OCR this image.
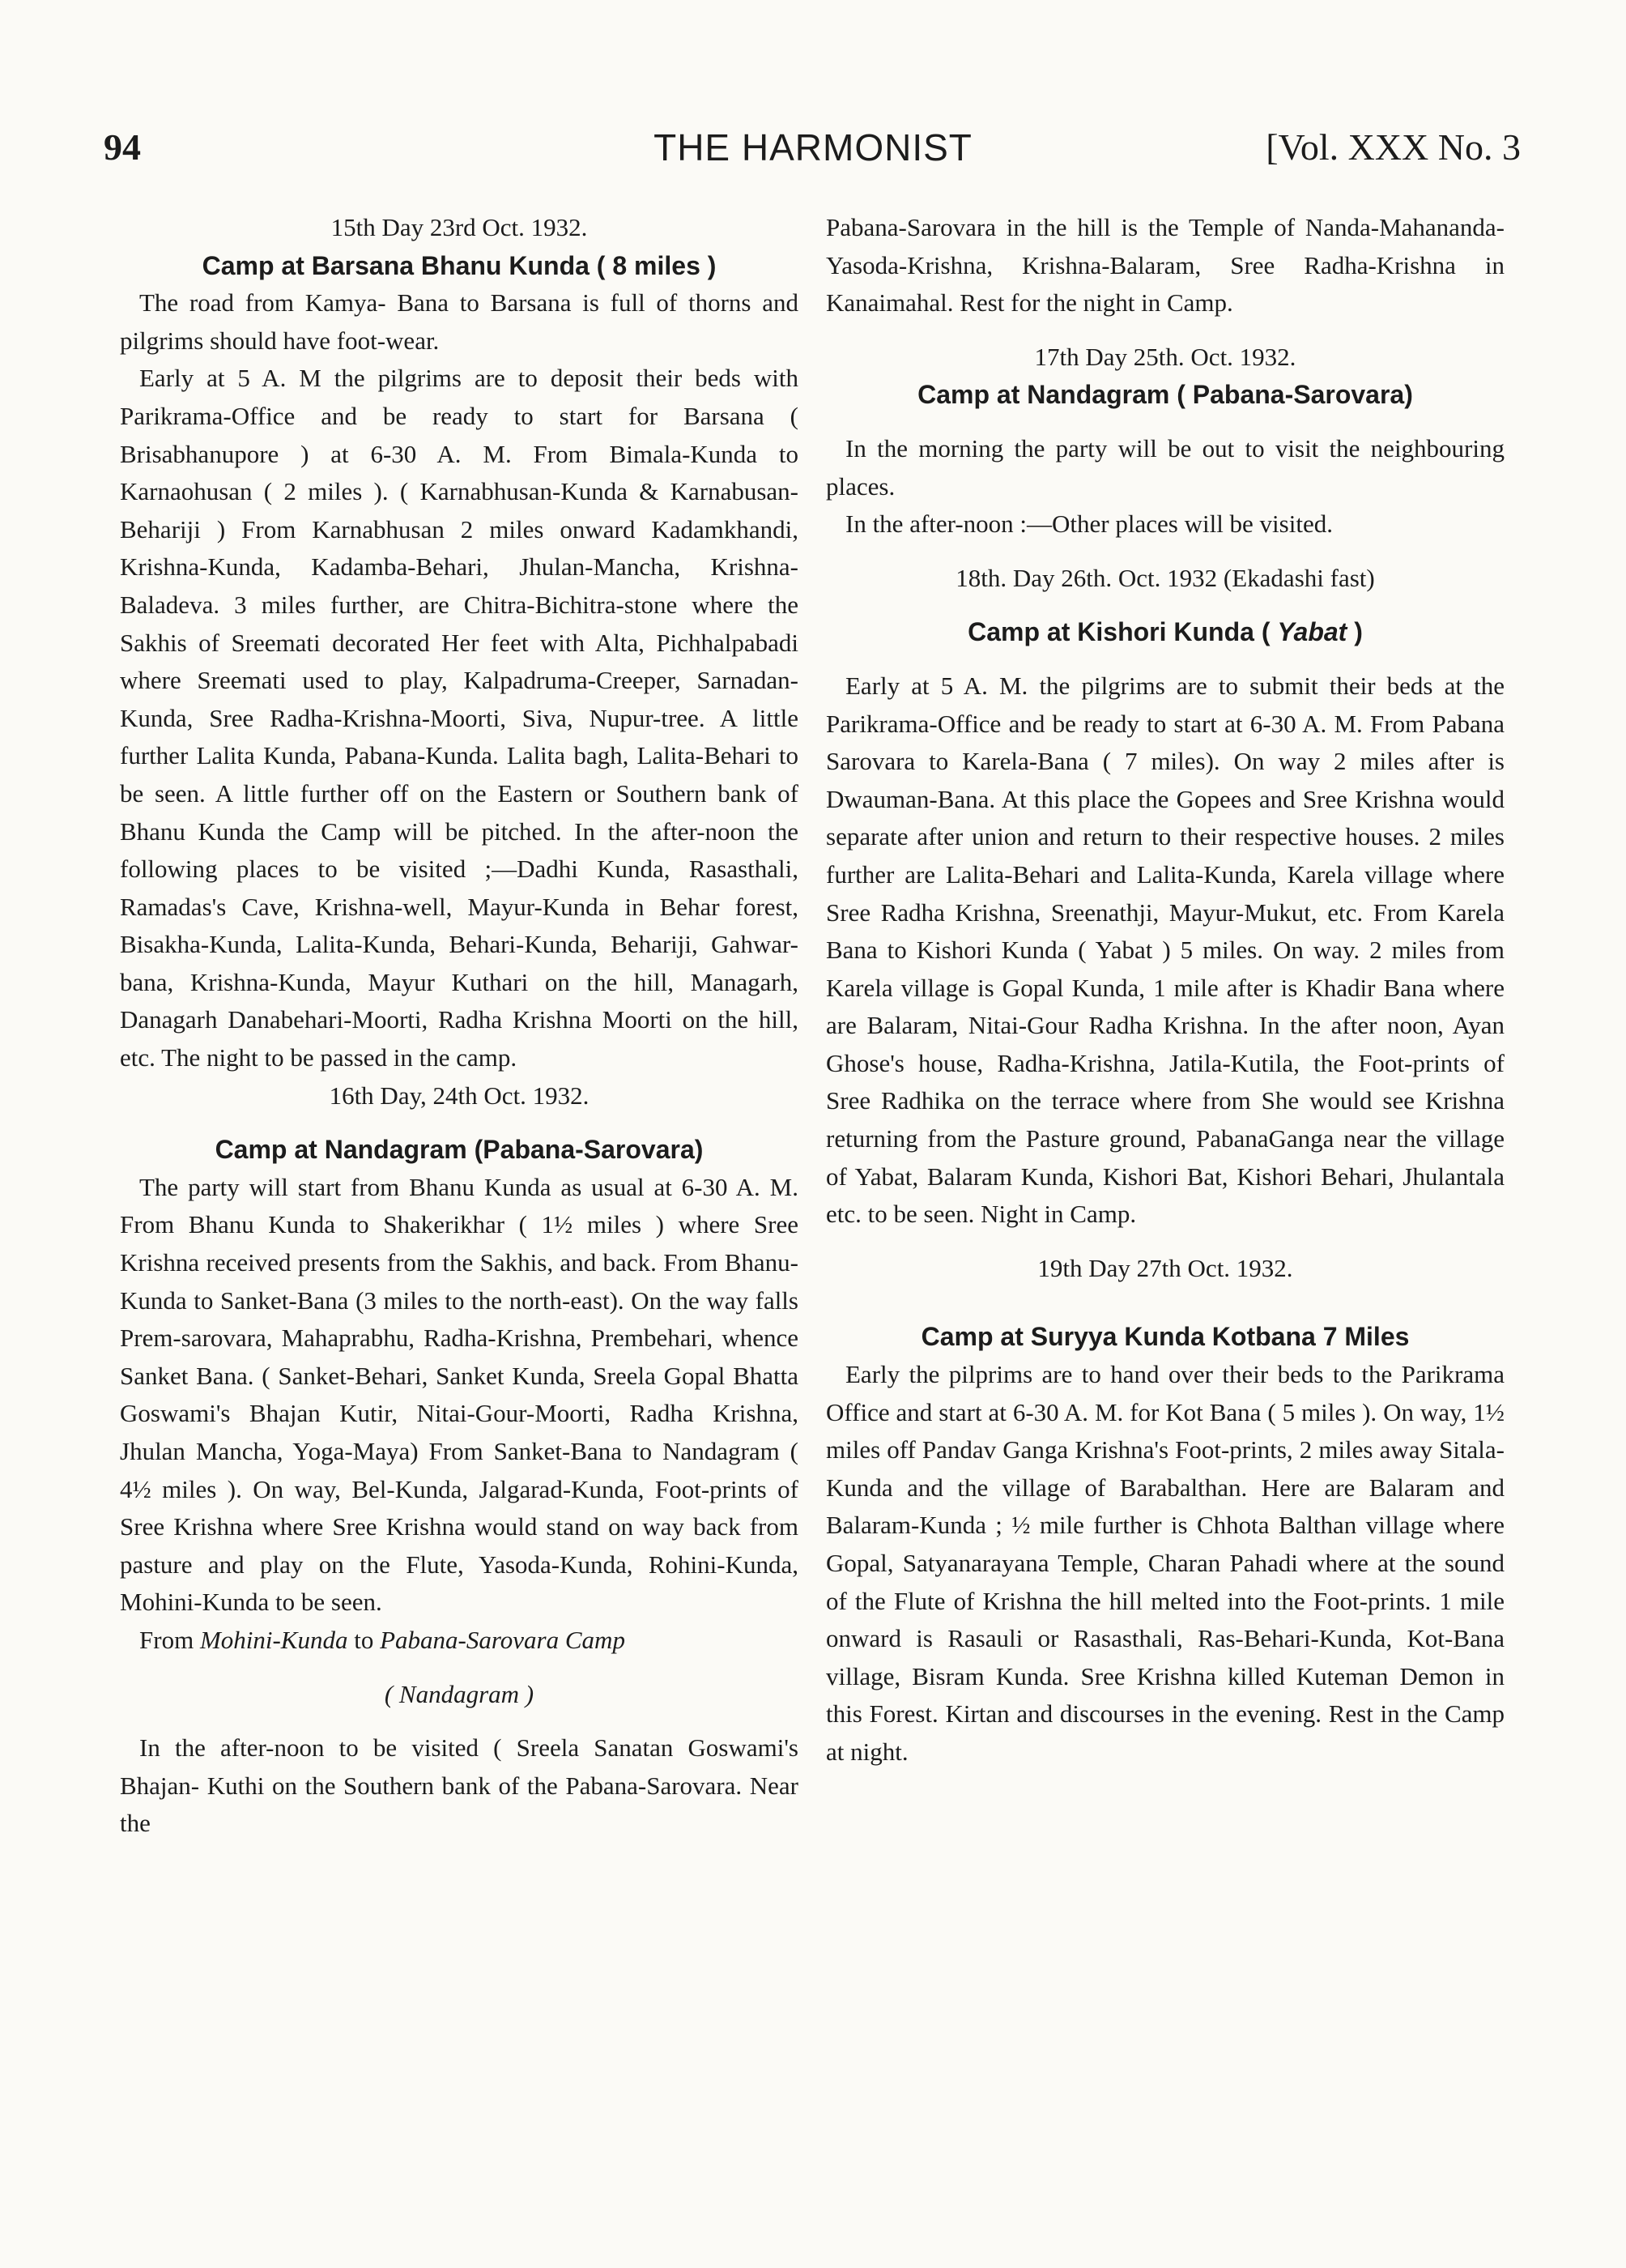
THE HARMONIST
94	[Vol. XXX No. 3

15th Day 23rd Oct. 1932.

Camp at Barsana Bhanu Kunda ( 8 miles )

The road from Kamya- Bana to Barsana is full of thorns and pilgrims should have foot-wear.

Early at 5 A. M the pilgrims are to deposit their beds with Parikrama-Office and be ready to start for Barsana ( Brisabhanupore ) at 6-30 A. M. From Bimala-Kunda to Karnaohusan ( 2 miles ). ( Karnabhusan-Kunda & Karnabusan-Behariji ) From Karnabhusan 2 miles onward Kadamkhandi, Krishna-Kunda, Kadamba-Behari, Jhulan-Mancha, Krishna-Baladeva. 3 miles further, are Chitra-Bichitra-stone where the Sakhis of Sreemati decorated Her feet with Alta, Pichhalpabadi where Sreemati used to play, Kalpadruma-Creeper, Sarnadan-Kunda, Sree Radha-Krishna-Moorti, Siva, Nupur-tree. A little further Lalita Kunda, Pabana-Kunda. Lalita bagh, Lalita-Behari to be seen. A little further off on the Eastern or Southern bank of Bhanu Kunda the Camp will be pitched. In the after-noon the following places to be visited ;—Dadhi Kunda, Rasasthali, Ramadas's Cave, Krishna-well, Mayur-Kunda in Behar forest, Bisakha-Kunda, Lalita-Kunda, Behari-Kunda, Behariji, Gahwar-bana, Krishna-Kunda, Mayur Kuthari on the hill, Managarh, Danagarh Danabehari-Moorti, Radha Krishna Moorti on the hill, etc. The night to be passed in the camp.

16th Day, 24th Oct. 1932.

Camp at Nandagram (Pabana-Sarovara)

The party will start from Bhanu Kunda as usual at 6-30 A. M. From Bhanu Kunda to Shakerikhar ( 1½ miles ) where Sree Krishna received presents from the Sakhis, and back. From Bhanu-Kunda to Sanket-Bana (3 miles to the north-east). On the way falls Prem-sarovara, Mahaprabhu, Radha-Krishna, Prembehari, whence Sanket Bana. ( Sanket-Behari, Sanket Kunda, Sreela Gopal Bhatta Goswami's Bhajan Kutir, Nitai-Gour-Moorti, Radha Krishna, Jhulan Mancha, Yoga-Maya) From Sanket-Bana to Nandagram ( 4½ miles ). On way, Bel-Kunda, Jalgarad-Kunda, Foot-prints of Sree Krishna where Sree Krishna would stand on way back from pasture and play on the Flute, Yasoda-Kunda, Rohini-Kunda, Mohini-Kunda to be seen.

From Mohini-Kunda to Pabana-Sarovara Camp

( Nandagram )

In the after-noon to be visited ( Sreela Sanatan Goswami's Bhajan- Kuthi on the Southern bank of the Pabana-Sarovara. Near the

Pabana-Sarovara in the hill is the Temple of Nanda-Mahananda-Yasoda-Krishna, Krishna-Balaram, Sree Radha-Krishna in Kanaimahal. Rest for the night in Camp.

17th Day 25th. Oct. 1932.

Camp at Nandagram ( Pabana-Sarovara)

In the morning the party will be out to visit the neighbouring places.

In the after-noon :—Other places will be visited.

18th. Day 26th. Oct. 1932 (Ekadashi fast)

Camp at Kishori Kunda ( Yabat )

Early at 5 A. M. the pilgrims are to submit their beds at the Parikrama-Office and be ready to start at 6-30 A. M. From Pabana Sarovara to Karela-Bana ( 7 miles). On way 2 miles after is Dwauman-Bana. At this place the Gopees and Sree Krishna would separate after union and return to their respective houses. 2 miles further are Lalita-Behari and Lalita-Kunda, Karela village where Sree Radha Krishna, Sreenathji, Mayur-Mukut, etc. From Karela Bana to Kishori Kunda ( Yabat ) 5 miles. On way. 2 miles from Karela village is Gopal Kunda, 1 mile after is Khadir Bana where are Balaram, Nitai-Gour Radha Krishna. In the after noon, Ayan Ghose's house, Radha-Krishna, Jatila-Kutila, the Foot-prints of Sree Radhika on the terrace where from She would see Krishna returning from the Pasture ground, PabanaGanga near the village of Yabat, Balaram Kunda, Kishori Bat, Kishori Behari, Jhulantala etc. to be seen. Night in Camp.

19th Day 27th Oct. 1932.

Camp at Suryya Kunda Kotbana 7 Miles

Early the pilprims are to hand over their beds to the Parikrama Office and start at 6-30 A. M. for Kot Bana ( 5 miles ). On way, 1½ miles off Pandav Ganga Krishna's Foot-prints, 2 miles away Sitala-Kunda and the village of Barabalthan. Here are Balaram and Balaram-Kunda ; ½ mile further is Chhota Balthan village where Gopal, Satyanarayana Temple, Charan Pahadi where at the sound of the Flute of Krishna the hill melted into the Foot-prints. 1 mile onward is Rasauli or Rasasthali, Ras-Behari-Kunda, Kot-Bana village, Bisram Kunda. Sree Krishna killed Kuteman Demon in this Forest. Kirtan and discourses in the evening. Rest in the Camp at night.
